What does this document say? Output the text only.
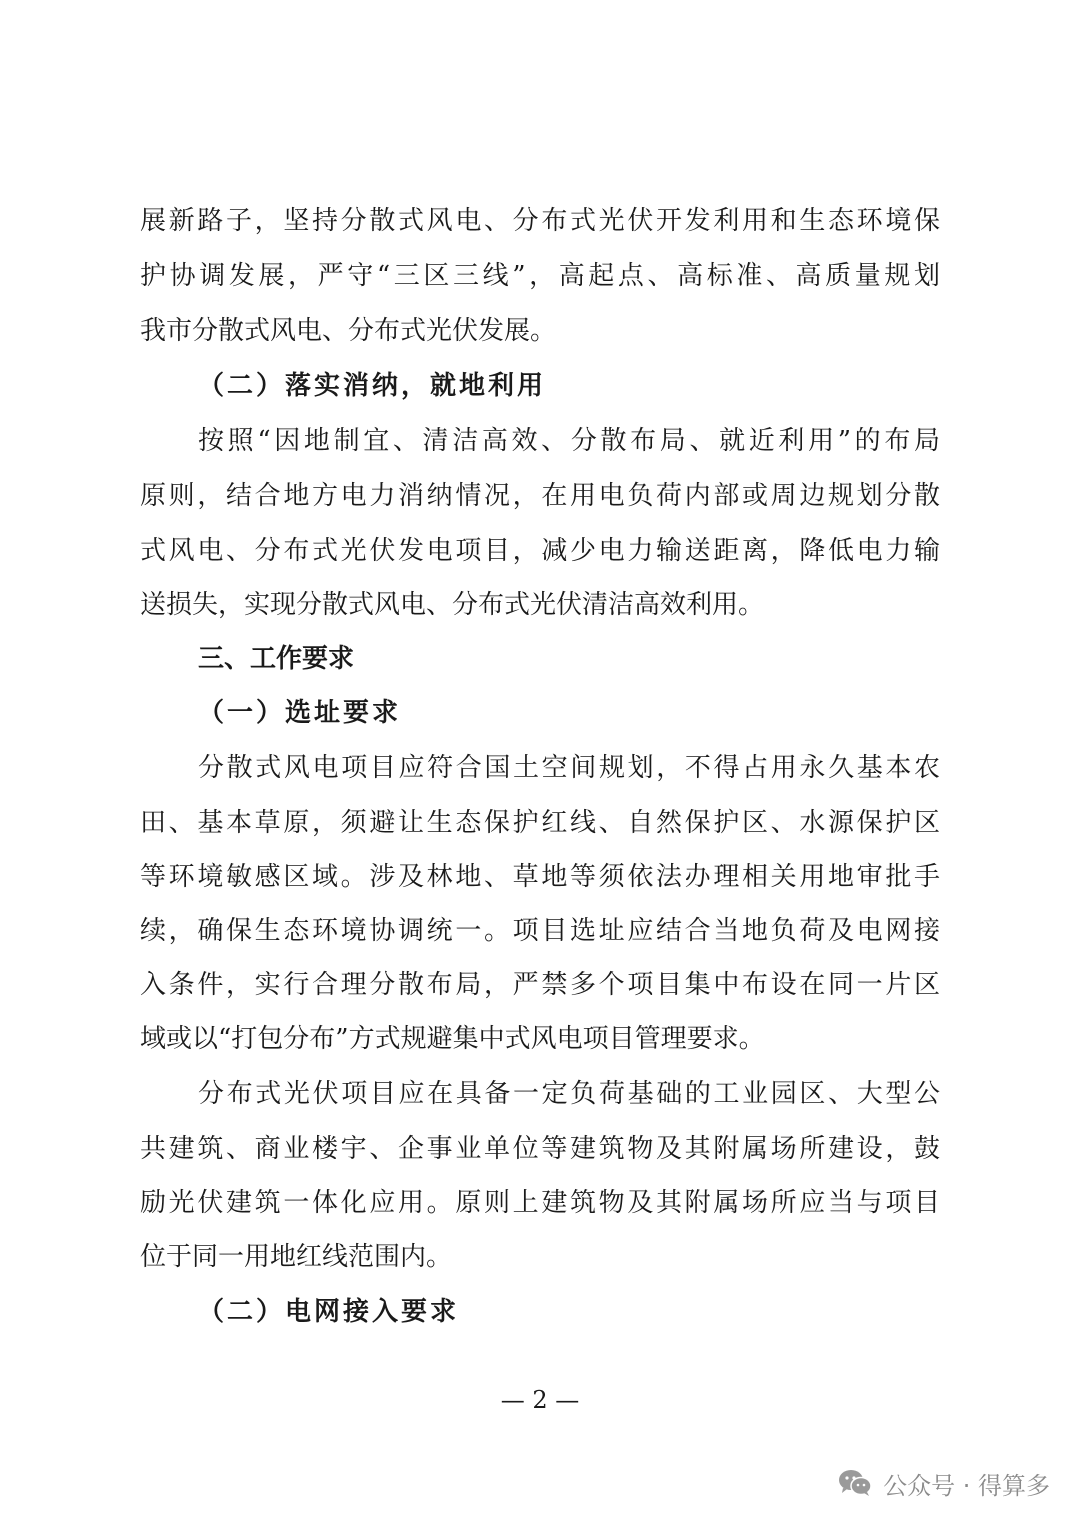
展新路子，坚持分散式风电、分布式光伏开发利用和生态环境保
护协调发展，严守“三区三线”，高起点、高标准、高质量规划
我市分散式风电、分布式光伏发展。
（二）落实消纳，就地利用
按照“因地制宜、清洁高效、分散布局、就近利用”的布局
原则，结合地方电力消纳情况，在用电负荷内部或周边规划分散
式风电、分布式光伏发电项目，减少电力输送距离，降低电力输
送损失，实现分散式风电、分布式光伏清洁高效利用。
三、工作要求
（一）选址要求
分散式风电项目应符合国土空间规划，不得占用永久基本农
田、基本草原，须避让生态保护红线、自然保护区、水源保护区
等环境敏感区域。涉及林地、草地等须依法办理相关用地审批手
续，确保生态环境协调统一。项目选址应结合当地负荷及电网接
入条件，实行合理分散布局，严禁多个项目集中布设在同一片区
域或以“打包分布”方式规避集中式风电项目管理要求。
分布式光伏项目应在具备一定负荷基础的工业园区、大型公
共建筑、商业楼宇、企事业单位等建筑物及其附属场所建设，鼓
励光伏建筑一体化应用。原则上建筑物及其附属场所应当与项目
位于同一用地红线范围内。
（二）电网接入要求
— 2 —
公众号 · 得算多
